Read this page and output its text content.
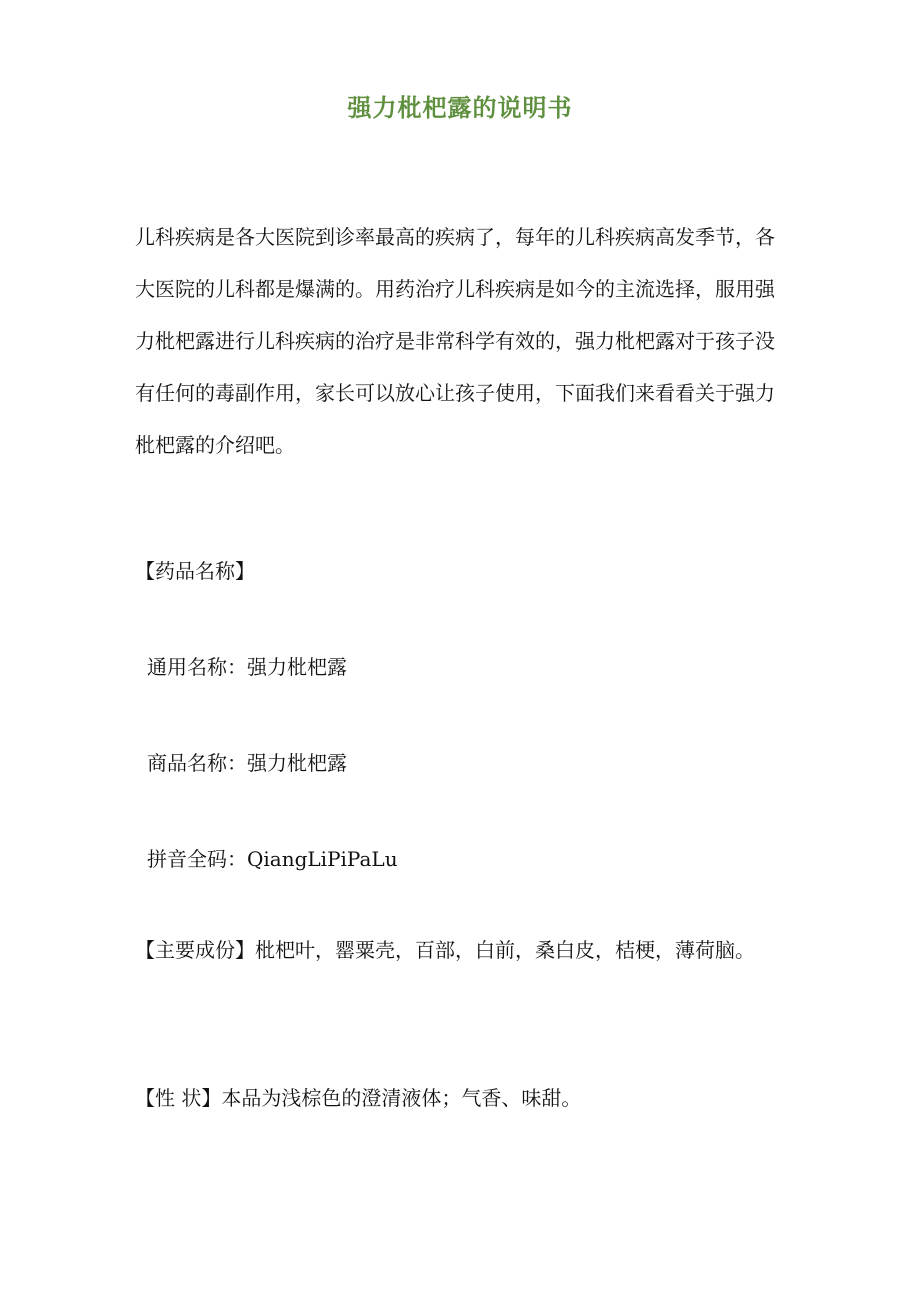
强力枇杷露的说明书

儿科疾病是各大医院到诊率最高的疾病了，每年的儿科疾病高发季节，各大医院的儿科都是爆满的。用药治疗儿科疾病是如今的主流选择，服用强力枇杷露进行儿科疾病的治疗是非常科学有效的，强力枇杷露对于孩子没有任何的毒副作用，家长可以放心让孩子使用，下面我们来看看关于强力枇杷露的介绍吧。

【药品名称】

通用名称：强力枇杷露

商品名称：强力枇杷露

拼音全码：QiangLiPiPaLu

【主要成份】枇杷叶，罂粟壳，百部，白前，桑白皮，桔梗，薄荷脑。

【性 状】本品为浅棕色的澄清液体；气香、味甜。
